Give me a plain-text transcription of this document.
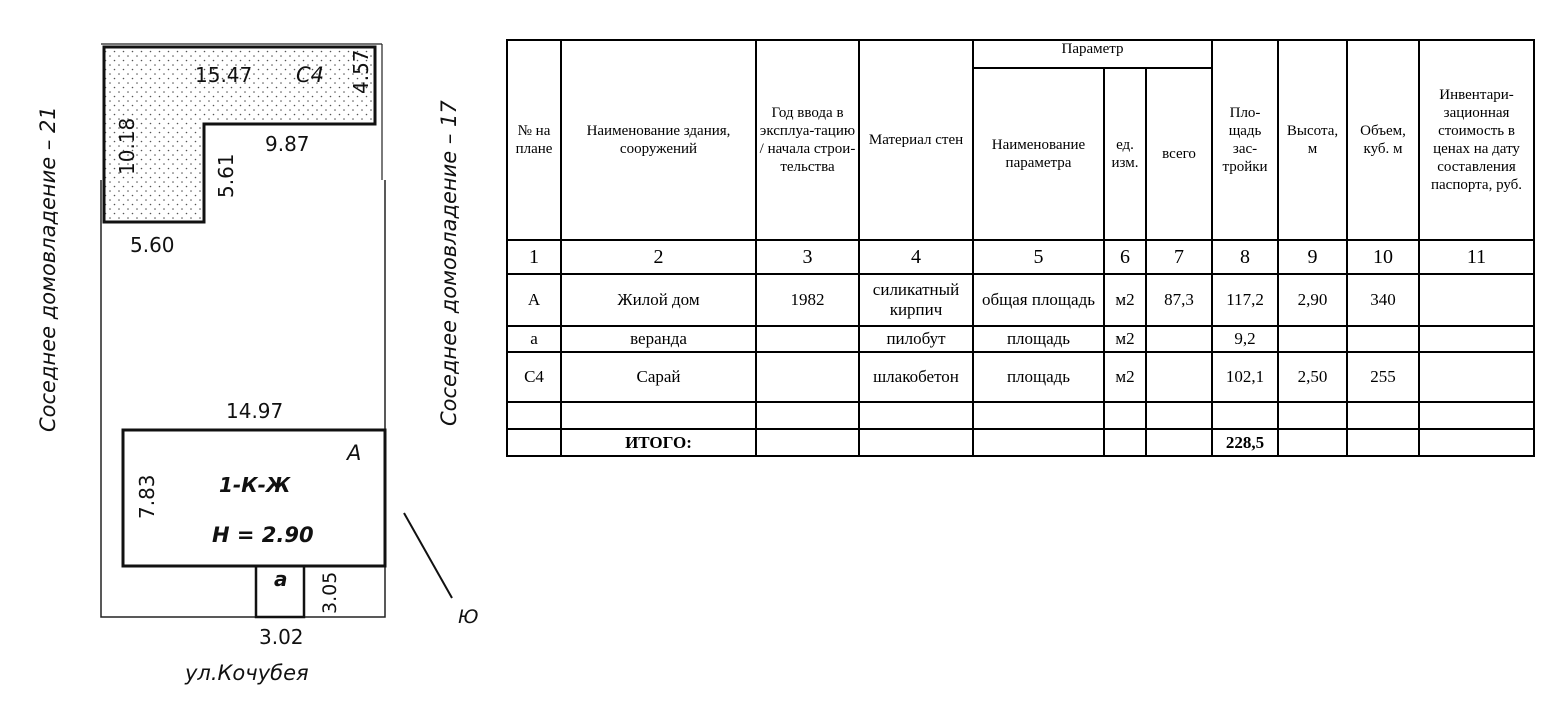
15.47	4.57
10.18
5.61
9.87
5.60
14.97
7.83
3.05
3.02
С4
А
1-К-Ж
Н = 2.90
а
Соседнее домовладение – 21	Соседнее домовладение – 17
ул.Кочубея
Ю
№ на плане	Наименование здания, сооружений	Год ввода в эксплуа-тацию / начала строи-тельства	Материал стен	Параметр			Пло-щадь зас-тройки	Высота, м	Объем, куб. м	Инвентари-зационная стоимость в ценах на дату составления паспорта, руб.
				Наименование параметра	ед. изм.	всего				
1	2	3	4	5	6	7	8	9	10	11
А	Жилой дом	1982	силикатный кирпич	общая площадь	м2	87,3	117,2	2,90	340	
а	веранда		пилобут	площадь	м2		9,2			
С4	Сарай		шлакобетон	площадь	м2		102,1	2,50	255	

	ИТОГО:						228,5			
